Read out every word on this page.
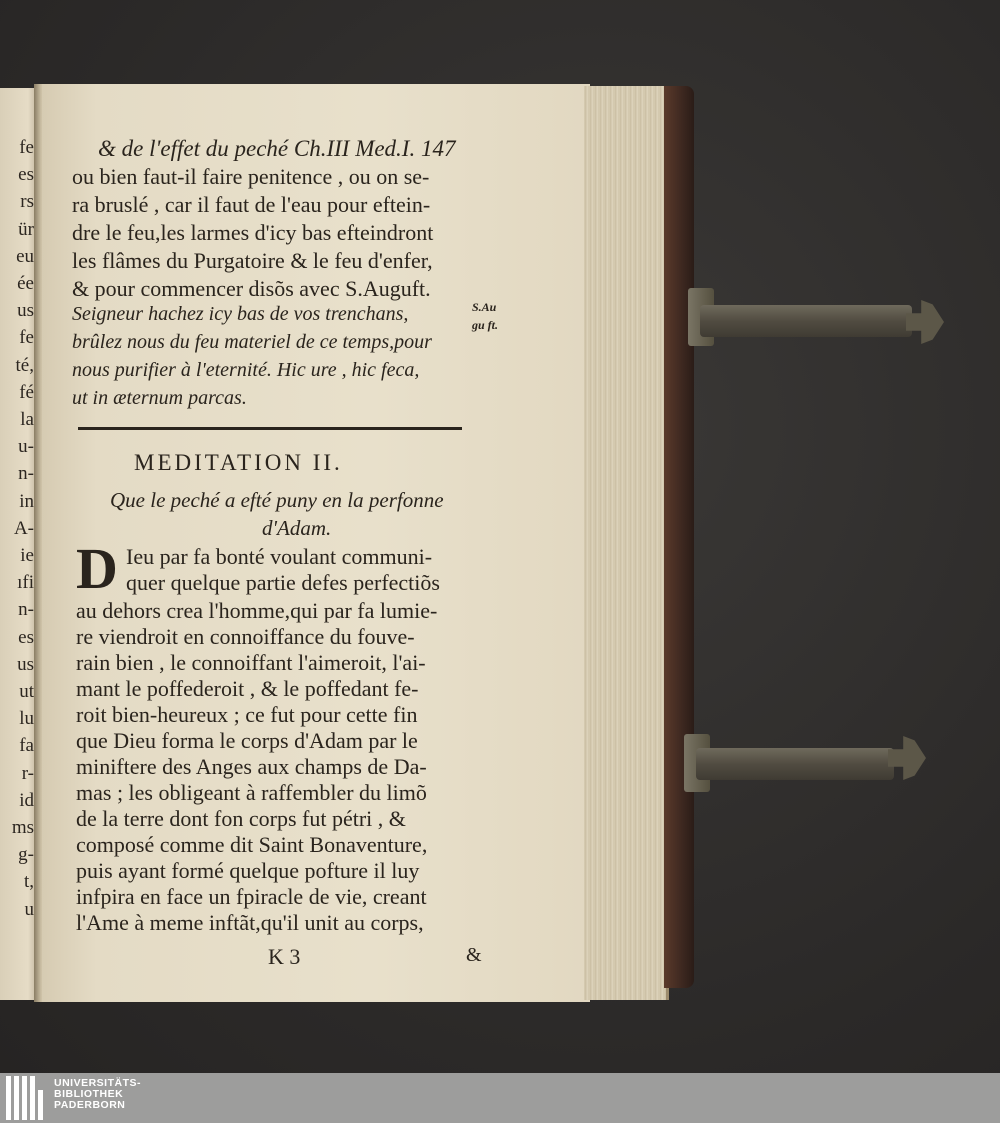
fe
es
rs
ür
eu
ée
us
fe
té,
fé
la
u-
n-
in
A-
ie
ıfi
n-
es
us
ut
lu
fa
r-
id
ms
g-
t,
u
& de l'effet du peché Ch.III Med.I. 147
ou bien faut-il faire penitence , ou on se-
ra bruslé , car il faut de l'eau pour eftein-
dre le feu,les larmes d'icy bas efteindront
les flâmes du Purgatoire & le feu d'enfer,
& pour commencer disõs avec S.Auguft.
Seigneur hachez icy bas de vos trenchans,
brûlez nous du feu materiel de ce temps,pour
nous purifier à l'eternité. Hic ure , hic feca,
ut in æternum parcas.
S.Au
gu ft.
MEDITATION II.
Que le peché a efté puny en la perfonne
d'Adam.
D Ieu par fa bonté voulant communi-
quer quelque partie defes perfectiõs
au dehors crea l'homme,qui par fa lumie-
re viendroit en connoiffance du fouve-
rain bien , le connoiffant l'aimeroit, l'ai-
mant le poffederoit , & le poffedant fe-
roit bien-heureux ; ce fut pour cette fin
que Dieu forma le corps d'Adam par le
miniftere des Anges aux champs de Da-
mas ; les obligeant à raffembler du limõ
de la terre dont fon corps fut pétri , &
composé comme dit Saint Bonaventure,
puis ayant formé quelque pofture il luy
infpira en face un fpiracle de vie, creant
l'Ame à meme inftãt,qu'il unit au corps,
K 3	&
UNIVERSITÄTS-
BIBLIOTHEK
PADERBORN
